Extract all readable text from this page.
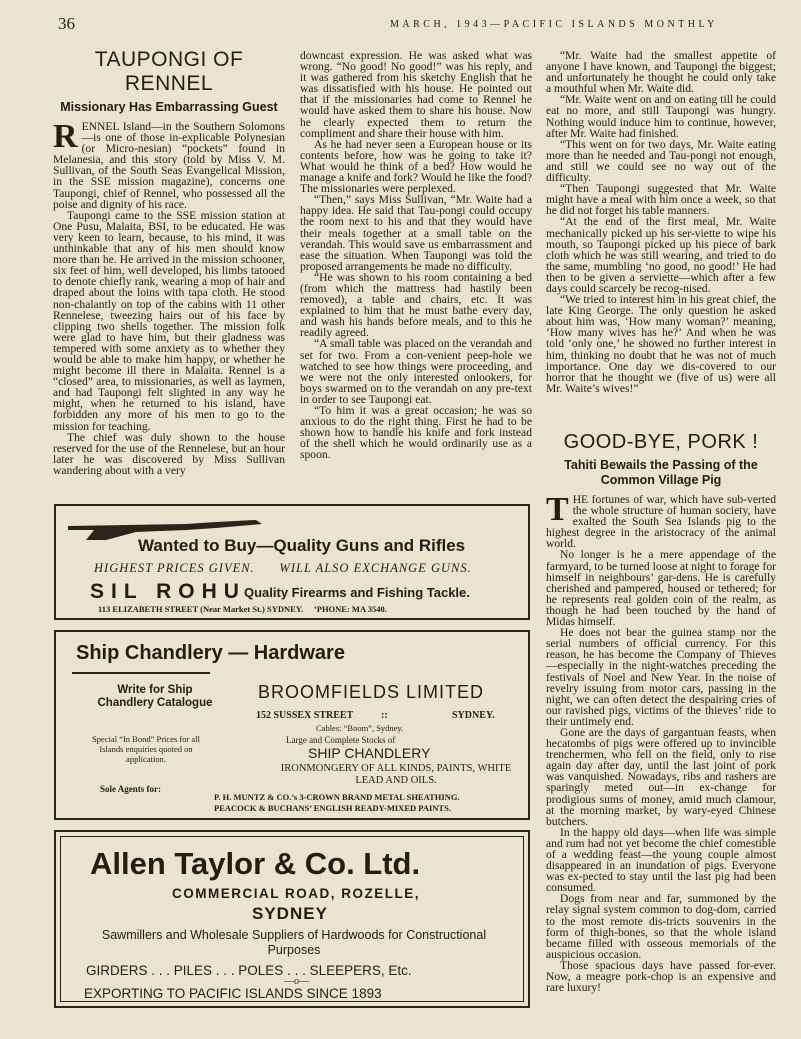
36	MARCH, 1943—PACIFIC ISLANDS MONTHLY
TAUPONGI OF RENNEL
Missionary Has Embarrassing Guest

RENNEL Island—in the Southern Solomons—is one of those in-explicable Polynesian (or Micro-nesian) “pockets” found in Melanesia, and this story (told by Miss V. M. Sullivan, of the South Seas Evangelical Mission, in the SSE mission magazine), concerns one Taupongi, chief of Rennel, who possessed all the poise and dignity of his race.

Taupongi came to the SSE mission station at One Pusu, Malaita, BSI, to be educated. He was very keen to learn, because, to his mind, it was unthinkable that any of his men should know more than he. He arrived in the mission schooner, six feet of him, well developed, his limbs tatooed to denote chiefly rank, wearing a mop of hair and draped about the loins with tapa cloth. He stood non-chalantly on top of the cabins with 11 other Rennelese, tweezing hairs out of his face by clipping two shells together. The mission folk were glad to have him, but their gladness was tempered with some anxiety as to whether they would be able to make him happy, or whether he might become ill there in Malaita. Rennel is a “closed” area, to missionaries, as well as laymen, and had Taupongi felt slighted in any way he might, when he returned to his island, have forbidden any more of his men to go to the mission for teaching.

The chief was duly shown to the house reserved for the use of the Rennelese, but an hour later he was discovered by Miss Sullivan wandering about with a very

downcast expression. He was asked what was wrong. “No good! No good!” was his reply, and it was gathered from his sketchy English that he was dissatisfied with his house. He pointed out that if the missionaries had come to Rennel he would have asked them to share his house. Now he clearly expected them to return the compliment and share their house with him.

As he had never seen a European house or its contents before, how was he going to take it? What would he think of a bed? How would he manage a knife and fork? Would he like the food? The missionaries were perplexed.

“Then,” says Miss Sullivan, “Mr. Waite had a happy idea. He said that Tau-pongi could occupy the room next to his and that they would have their meals together at a small table on the verandah. This would save us embarrassment and ease the situation. When Taupongi was told the proposed arrangements he made no difficulty.

“He was shown to his room containing a bed (from which the mattress had hastily been removed), a table and chairs, etc. It was explained to him that he must bathe every day, and wash his hands before meals, and to this he readily agreed.

“A small table was placed on the verandah and set for two. From a con-venient peep-hole we watched to see how things were proceeding, and we were not the only interested onlookers, for boys swarmed on to the verandah on any pre-text in order to see Taupongi eat.

“To him it was a great occasion; he was so anxious to do the right thing. First he had to be shown how to handle his knife and fork instead of the shell which he would ordinarily use as a spoon.

“Mr. Waite had the smallest appetite of anyone I have known, and Taupongi the biggest; and unfortunately he thought he could only take a mouthful when Mr. Waite did.

“Mr. Waite went on and on eating till he could eat no more, and still Taupongi was hungry. Nothing would induce him to continue, however, after Mr. Waite had finished.

“This went on for two days, Mr. Waite eating more than he needed and Tau-pongi not enough, and still we could see no way out of the difficulty.

“Then Taupongi suggested that Mr. Waite might have a meal with him once a week, so that he did not forget his table manners.

“At the end of the first meal, Mr. Waite mechanically picked up his ser-viette to wipe his mouth, so Taupongi picked up his piece of bark cloth which he was still wearing, and tried to do the same, mumbling ‘no good, no good!’ He had then to be given a serviette—which after a few days could scarcely be recog-nised.

“We tried to interest him in his great chief, the late King George. The only question he asked about him was, ‘How many woman?’ meaning, ‘How many wives has he?’ And when he was told ‘only one,’ he showed no further interest in him, thinking no doubt that he was not of much importance. One day we dis-covered to our horror that he thought we (five of us) were all Mr. Waite’s wives!”

GOOD-BYE, PORK !
Tahiti Bewails the Passing of the Common Village Pig

THE fortunes of war, which have sub-verted the whole structure of human society, have exalted the South Sea Islands pig to the highest degree in the aristocracy of the animal world.

No longer is he a mere appendage of the farmyard, to be turned loose at night to forage for himself in neighbours’ gar-dens. He is carefully cherished and pampered, housed or tethered; for he represents real golden coin of the realm, as though he had been touched by the hand of Midas himself.

He does not bear the guinea stamp nor the serial numbers of official currency. For this reason, he has become the Company of Thieves—especially in the night-watches preceding the festivals of Noel and New Year. In the noise of revelry issuing from motor cars, passing in the night, we can often detect the despairing cries of our ravished pigs, victims of the thieves’ ride to their untimely end.

Gone are the days of gargantuan feasts, when hecatombs of pigs were offered up to invincible trenchermen, who fell on the field, only to rise again day after day, until the last joint of pork was vanquished. Nowadays, ribs and rashers are sparingly meted out—in ex-change for prodigious sums of money, amid much clamour, at the morning market, by wary-eyed Chinese butchers.

In the happy old days—when life was simple and rum had not yet become the chief comestible of a wedding feast—the young couple almost disappeared in an inundation of pigs. Everyone was ex-pected to stay until the last pig had been consumed.

Dogs from near and far, summoned by the relay signal system common to dog-dom, carried to the most remote dis-tricts souvenirs in the form of thigh-bones, so that the whole island became filled with osseous memorials of the auspicious occasion.

Those spacious days have passed for-ever. Now, a meagre pork-chop is an expensive and rare luxury!

Wanted to Buy—Quality Guns and Rifles
HIGHEST PRICES GIVEN.      WILL ALSO EXCHANGE GUNS.
SIL ROHU
Quality Firearms and Fishing Tackle.
113 ELIZABETH STREET (Near Market St.) SYDNEY.     ’PHONE: MA 3540.
Ship Chandlery — Hardware
Write for Ship Chandlery Catalogue
Special “In Bond” Prices for all Islands enquiries quoted on application.
Sole Agents for:
BROOMFIELDS LIMITED
152 SUSSEX STREET	::	SYDNEY.
Cables: “Boom”, Sydney.
Large and Complete Stocks of
SHIP CHANDLERY
IRONMONGERY OF ALL KINDS, PAINTS, WHITE LEAD AND OILS.
P. H. MUNTZ & CO.’s 3-CROWN BRAND METAL SHEATHING.
PEACOCK & BUCHANS’ ENGLISH READY-MIXED PAINTS.
Allen Taylor & Co. Ltd.
COMMERCIAL ROAD, ROZELLE,
SYDNEY
Sawmillers and Wholesale Suppliers of Hardwoods for Constructional Purposes
GIRDERS . . . PILES . . . POLES . . . SLEEPERS, Etc.
—o—
EXPORTING TO PACIFIC ISLANDS SINCE 1893
